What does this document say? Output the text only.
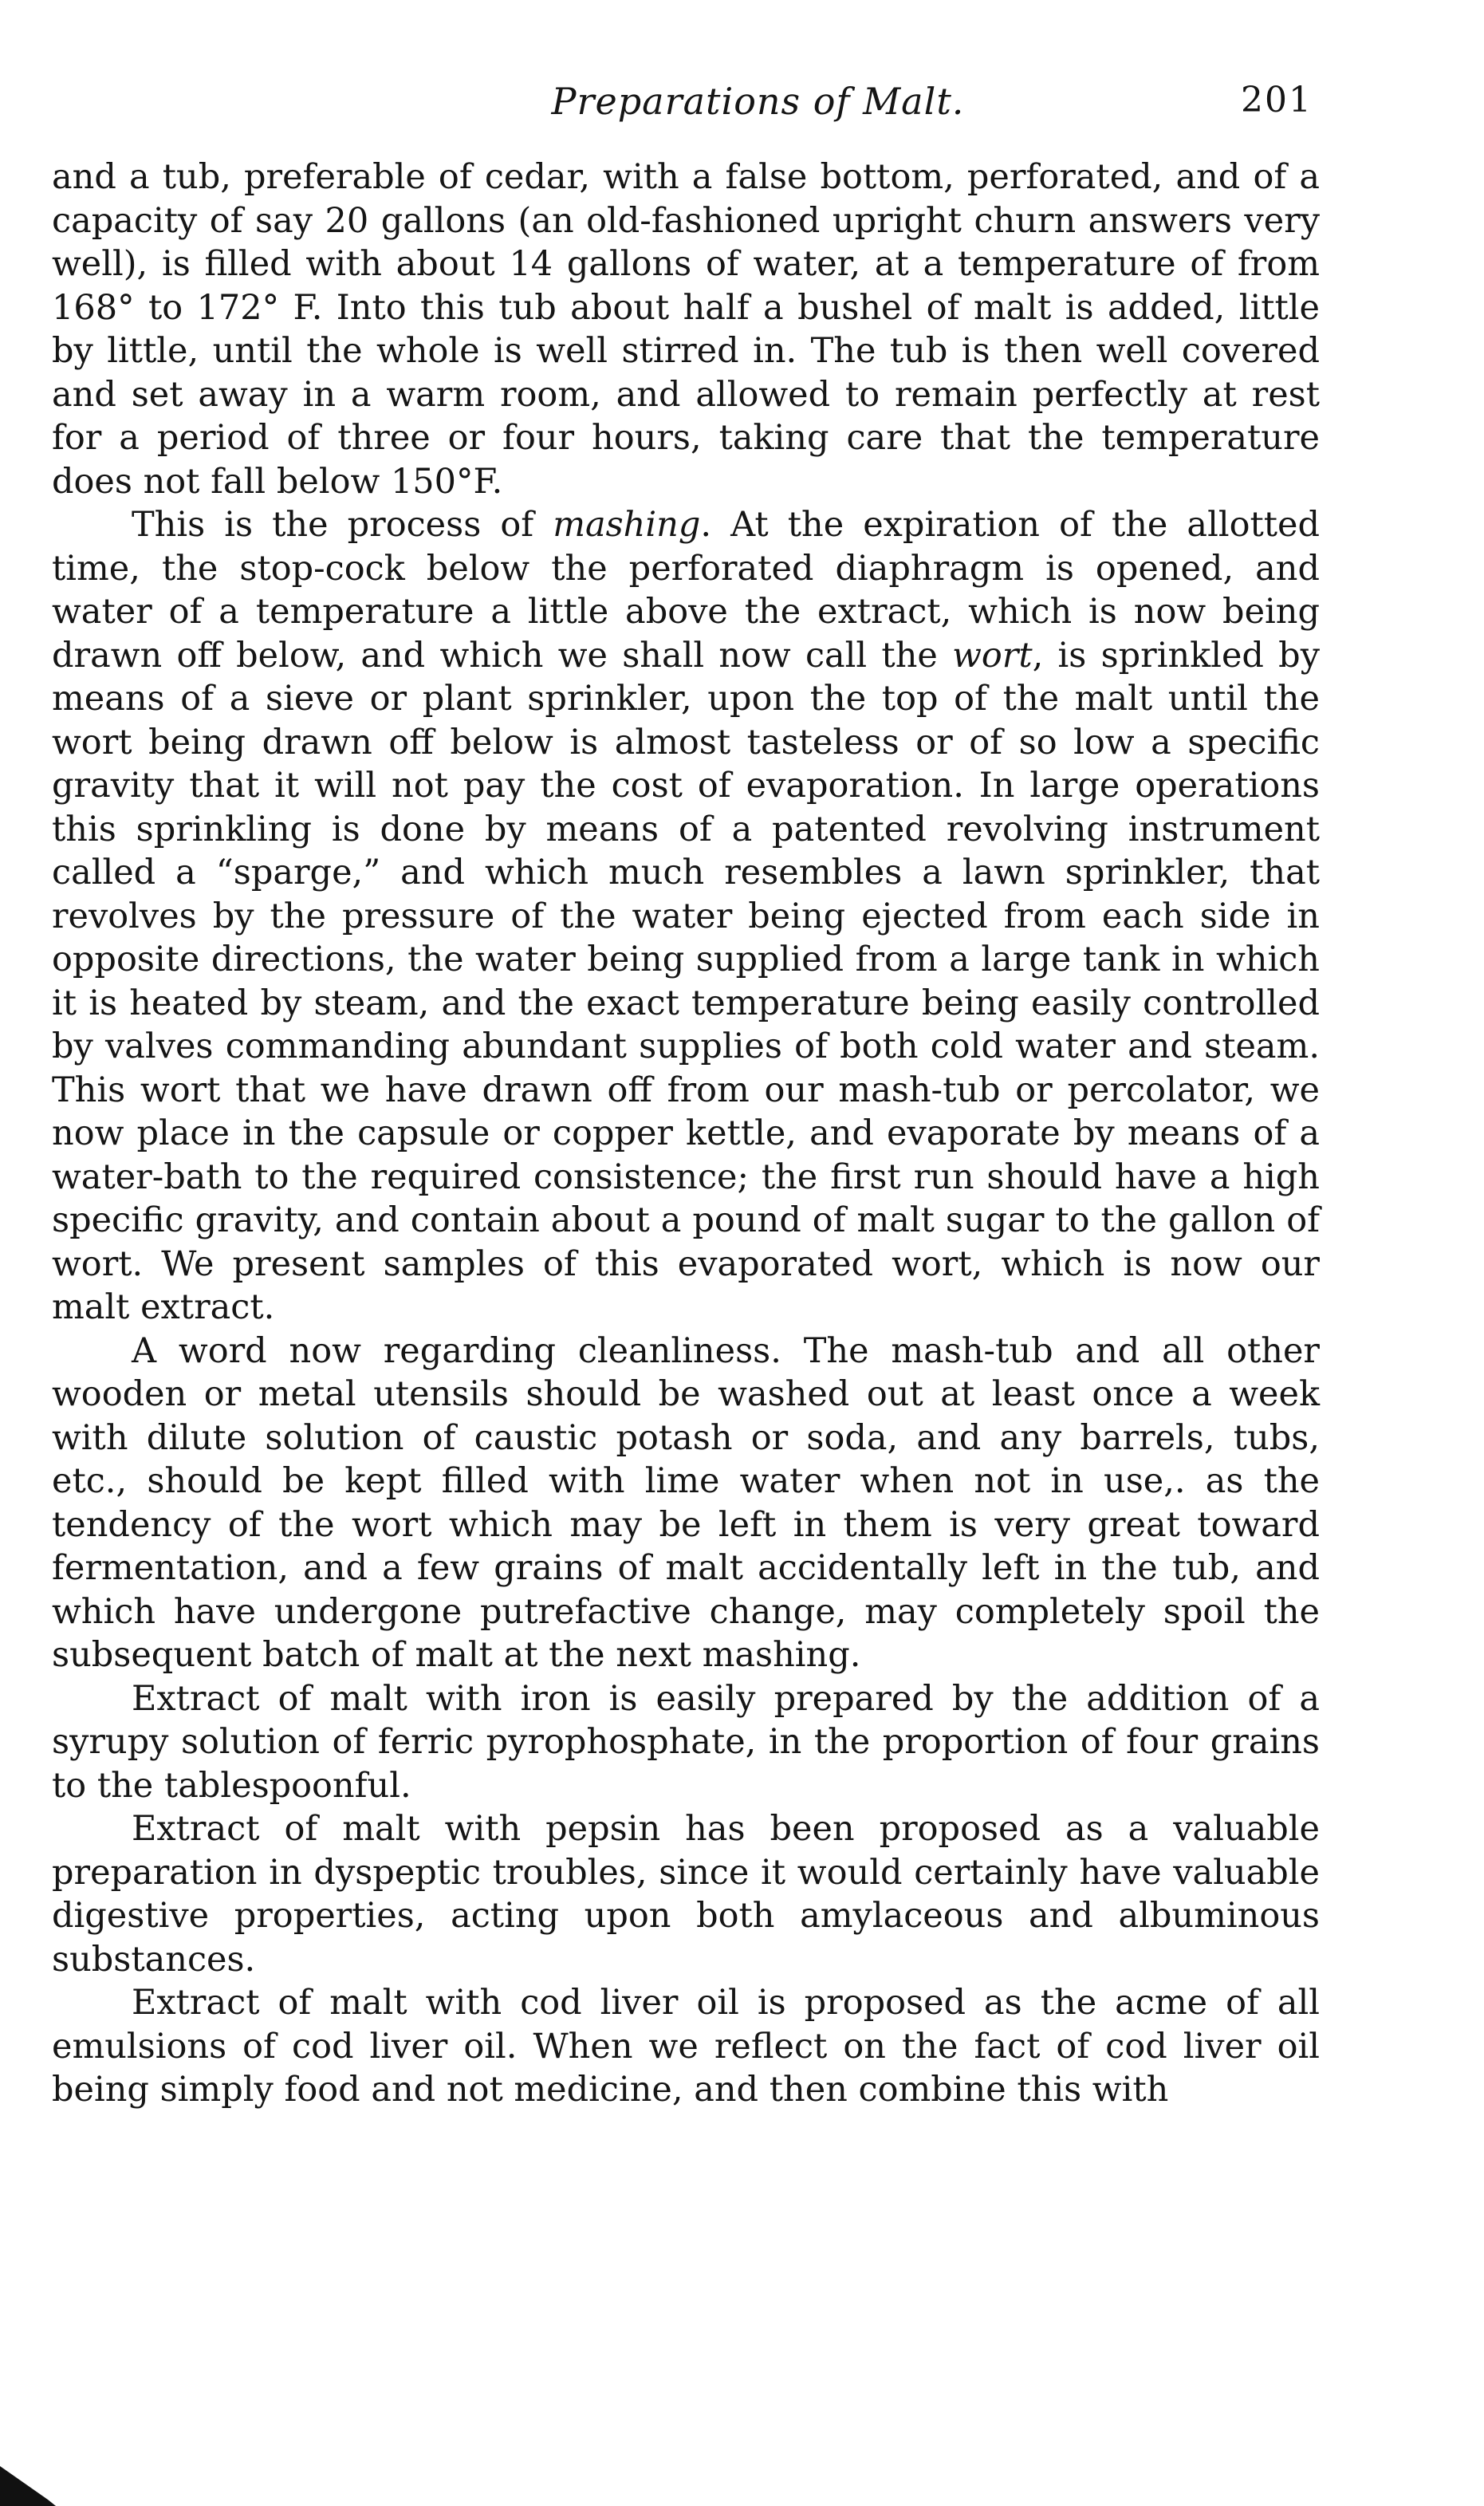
Preparations of Malt.	201

and a tub, preferable of cedar, with a false bottom, perforated, and of a capacity of say 20 gallons (an old-fashioned upright churn answers very well), is filled with about 14 gallons of water, at a temperature of from 168° to 172° F. Into this tub about half a bushel of malt is added, little by little, until the whole is well stirred in. The tub is then well covered and set away in a warm room, and allowed to remain perfectly at rest for a period of three or four hours, taking care that the temperature does not fall below 150°F.

This is the process of mashing. At the expiration of the allotted time, the stop-cock below the perforated diaphragm is opened, and water of a temperature a little above the extract, which is now being drawn off below, and which we shall now call the wort, is sprinkled by means of a sieve or plant sprinkler, upon the top of the malt until the wort being drawn off below is almost tasteless or of so low a specific gravity that it will not pay the cost of evaporation. In large operations this sprinkling is done by means of a patented revolving instrument called a “sparge,” and which much resembles a lawn sprinkler, that revolves by the pressure of the water being ejected from each side in opposite directions, the water being supplied from a large tank in which it is heated by steam, and the exact temperature being easily controlled by valves commanding abundant supplies of both cold water and steam. This wort that we have drawn off from our mash-tub or percolator, we now place in the capsule or copper kettle, and evaporate by means of a water-bath to the required consistence; the first run should have a high specific gravity, and contain about a pound of malt sugar to the gallon of wort. We present samples of this evaporated wort, which is now our malt extract.

A word now regarding cleanliness. The mash-tub and all other wooden or metal utensils should be washed out at least once a week with dilute solution of caustic potash or soda, and any barrels, tubs, etc., should be kept filled with lime water when not in use,. as the tendency of the wort which may be left in them is very great toward fermentation, and a few grains of malt accidentally left in the tub, and which have undergone putrefactive change, may completely spoil the subsequent batch of malt at the next mashing.

Extract of malt with iron is easily prepared by the addition of a syrupy solution of ferric pyrophosphate, in the proportion of four grains to the tablespoonful.

Extract of malt with pepsin has been proposed as a valuable preparation in dyspeptic troubles, since it would certainly have valuable digestive properties, acting upon both amylaceous and albuminous substances.

Extract of malt with cod liver oil is proposed as the acme of all emulsions of cod liver oil. When we reflect on the fact of cod liver oil being simply food and not medicine, and then combine this with
